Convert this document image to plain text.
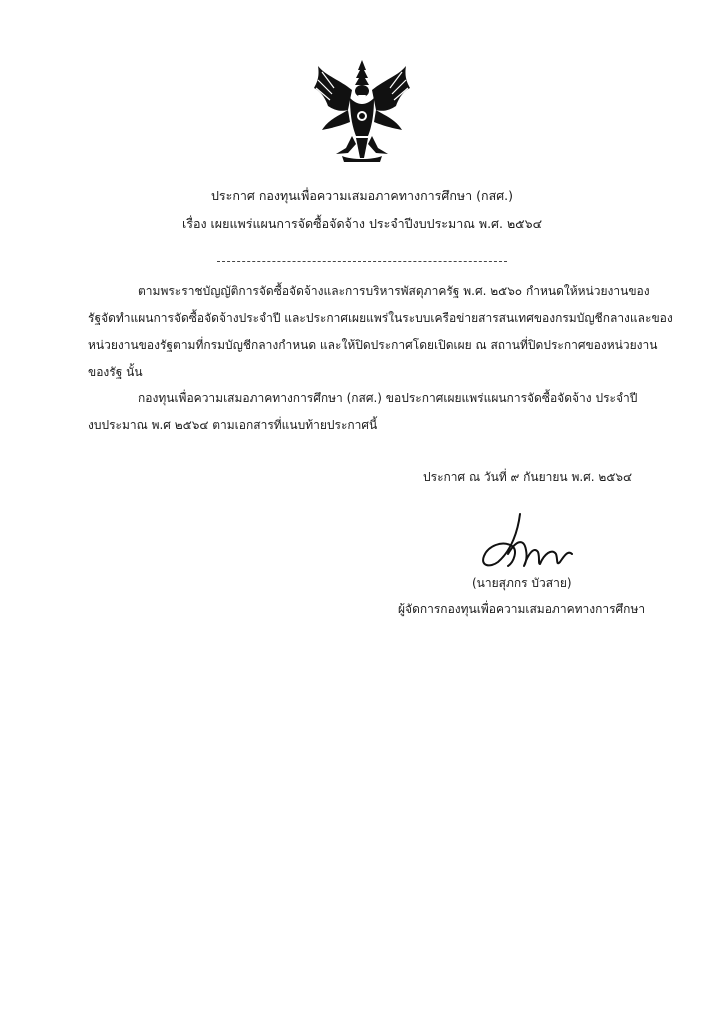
ประกาศ กองทุนเพื่อความเสมอภาคทางการศึกษา (กสศ.)
เรื่อง เผยแพร่แผนการจัดซื้อจัดจ้าง ประจำปีงบประมาณ พ.ศ. ๒๕๖๔

ตามพระราชบัญญัติการจัดซื้อจัดจ้างและการบริหารพัสดุภาครัฐ พ.ศ. ๒๕๖๐ กำหนดให้หน่วยงานของ
รัฐจัดทำแผนการจัดซื้อจัดจ้างประจำปี และประกาศเผยแพร่ในระบบเครือข่ายสารสนเทศของกรมบัญชีกลางและของ
หน่วยงานของรัฐตามที่กรมบัญชีกลางกำหนด และให้ปิดประกาศโดยเปิดเผย ณ สถานที่ปิดประกาศของหน่วยงาน
ของรัฐ นั้น

กองทุนเพื่อความเสมอภาคทางการศึกษา (กสศ.) ขอประกาศเผยแพร่แผนการจัดซื้อจัดจ้าง ประจำปี
งบประมาณ พ.ศ ๒๕๖๔ ตามเอกสารที่แนบท้ายประกาศนี้

ประกาศ ณ วันที่ ๙ กันยายน พ.ศ. ๒๕๖๔
(นายสุภกร บัวสาย)
ผู้จัดการกองทุนเพื่อความเสมอภาคทางการศึกษา
